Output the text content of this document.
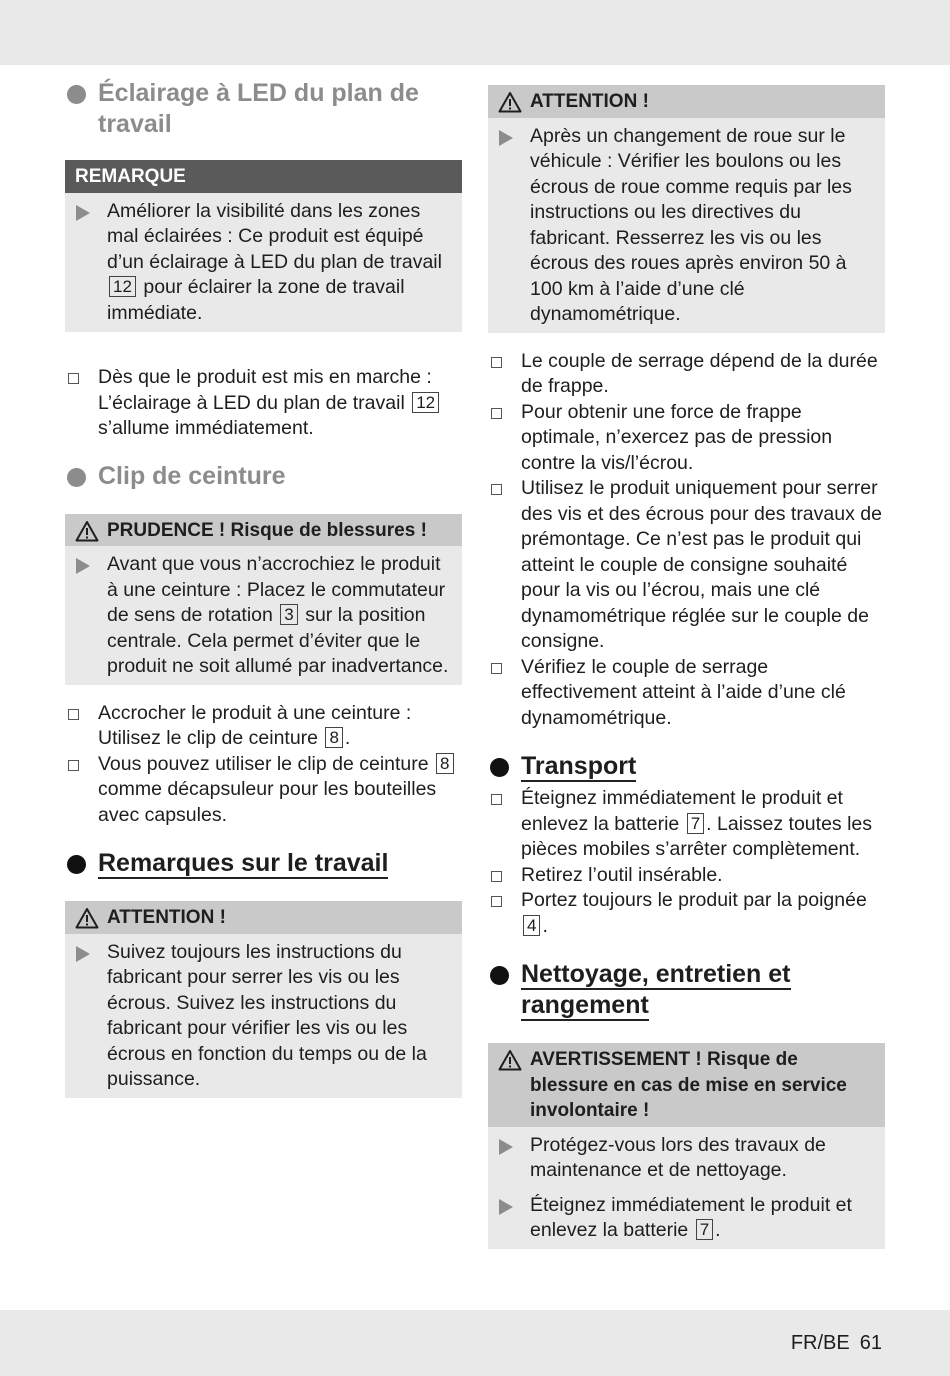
Éclairage à LED du plan de
travail
REMARQUE
Améliorer la visibilité dans les zones mal éclairées : Ce produit est équipé d’un éclairage à LED du plan de travail 12 pour éclairer la zone de travail immédiate.
Dès que le produit est mis en marche : L’éclairage à LED du plan de travail 12 s’allume immédiatement.
Clip de ceinture
PRUDENCE ! Risque de blessures !
Avant que vous n’accrochiez le produit à une ceinture : Placez le commutateur de sens de rotation 3 sur la position centrale. Cela permet d’éviter que le produit ne soit allumé par inadvertance.
Accrocher le produit à une ceinture : Utilisez le clip de ceinture 8 .
Vous pouvez utiliser le clip de ceinture 8 comme décapsuleur pour les bouteilles avec capsules.
Remarques sur le travail
ATTENTION !
Suivez toujours les instructions du fabricant pour serrer les vis ou les écrous. Suivez les instructions du fabricant pour vérifier les vis ou les écrous en fonction du temps ou de la puissance.
ATTENTION !
Après un changement de roue sur le véhicule : Vérifier les boulons ou les écrous de roue comme requis par les instructions ou les directives du fabricant. Resserrez les vis ou les écrous des roues après environ 50 à 100 km à l’aide d’une clé dynamométrique.
Le couple de serrage dépend de la durée de frappe.
Pour obtenir une force de frappe optimale, n’exercez pas de pression contre la vis/l’écrou.
Utilisez le produit uniquement pour serrer des vis et des écrous pour des travaux de prémontage. Ce n’est pas le produit qui atteint le couple de consigne souhaité pour la vis ou l’écrou, mais une clé dynamométrique réglée sur le couple de consigne.
Vérifiez le couple de serrage effectivement atteint à l’aide d’une clé dynamométrique.
Transport
Éteignez immédiatement le produit et enlevez la batterie 7 . Laissez toutes les pièces mobiles s’arrêter complètement.
Retirez l’outil insérable.
Portez toujours le produit par la poignée 4 .
Nettoyage, entretien et
rangement
AVERTISSEMENT ! Risque de blessure en cas de mise en service involontaire !
Protégez-vous lors des travaux de maintenance et de nettoyage.
Éteignez immédiatement le produit et enlevez la batterie 7 .
FR/BE 61
